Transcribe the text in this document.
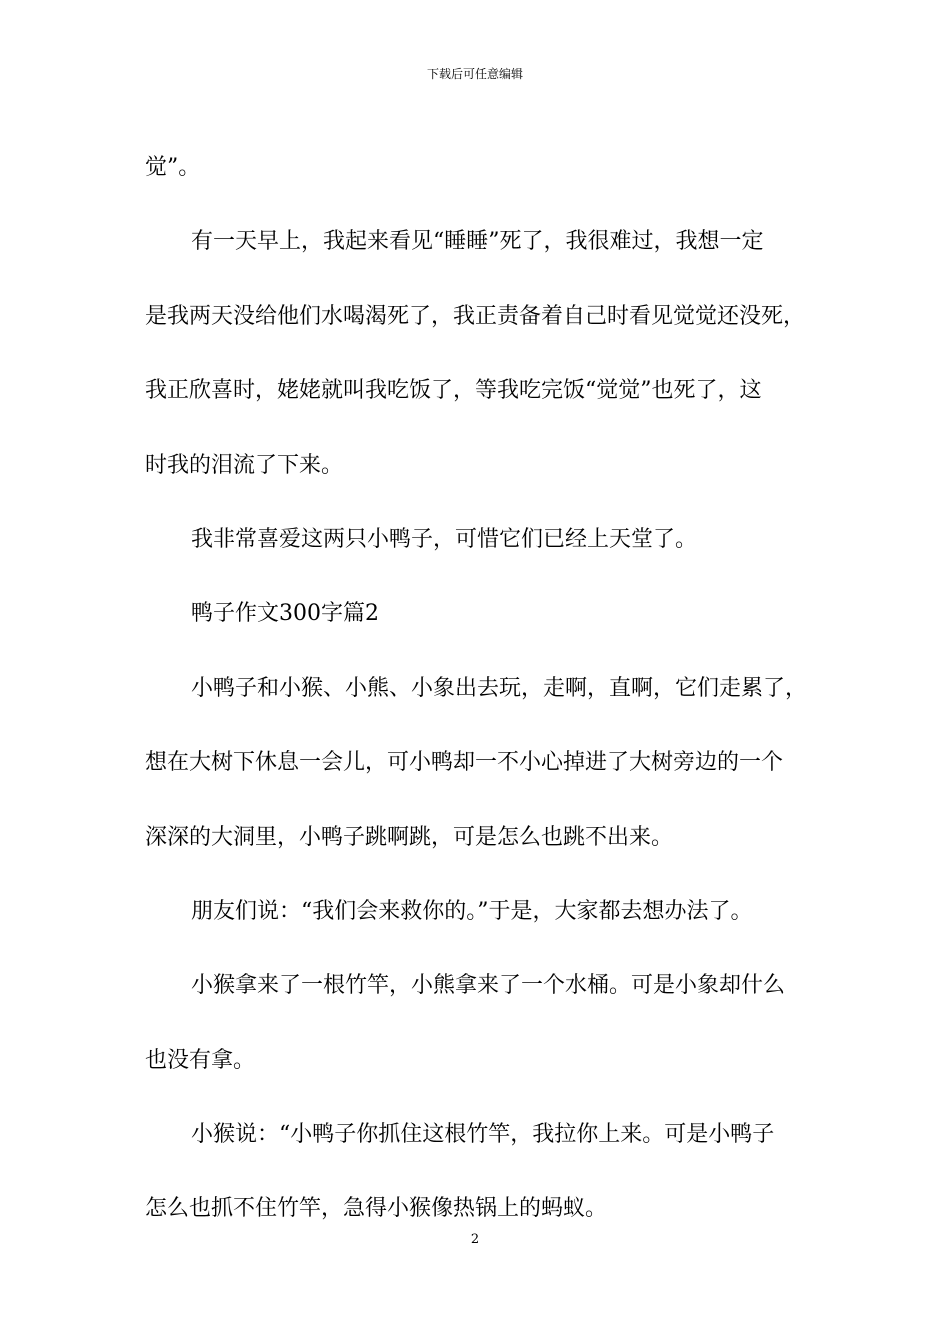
下载后可任意编辑
觉”。
有一天早上，我起来看见“睡睡”死了，我很难过，我想一定
是我两天没给他们水喝渴死了，我正责备着自己时看见觉觉还没死，
我正欣喜时，姥姥就叫我吃饭了，等我吃完饭“觉觉”也死了，这
时我的泪流了下来。
我非常喜爱这两只小鸭子，可惜它们已经上天堂了。
鸭子作文300字篇2
小鸭子和小猴、小熊、小象出去玩，走啊，直啊，它们走累了，
想在大树下休息一会儿，可小鸭却一不小心掉进了大树旁边的一个
深深的大洞里，小鸭子跳啊跳，可是怎么也跳不出来。
朋友们说：“我们会来救你的。”于是，大家都去想办法了。
小猴拿来了一根竹竿，小熊拿来了一个水桶。可是小象却什么
也没有拿。
小猴说：“小鸭子你抓住这根竹竿，我拉你上来。可是小鸭子
怎么也抓不住竹竿，急得小猴像热锅上的蚂蚁。
2
